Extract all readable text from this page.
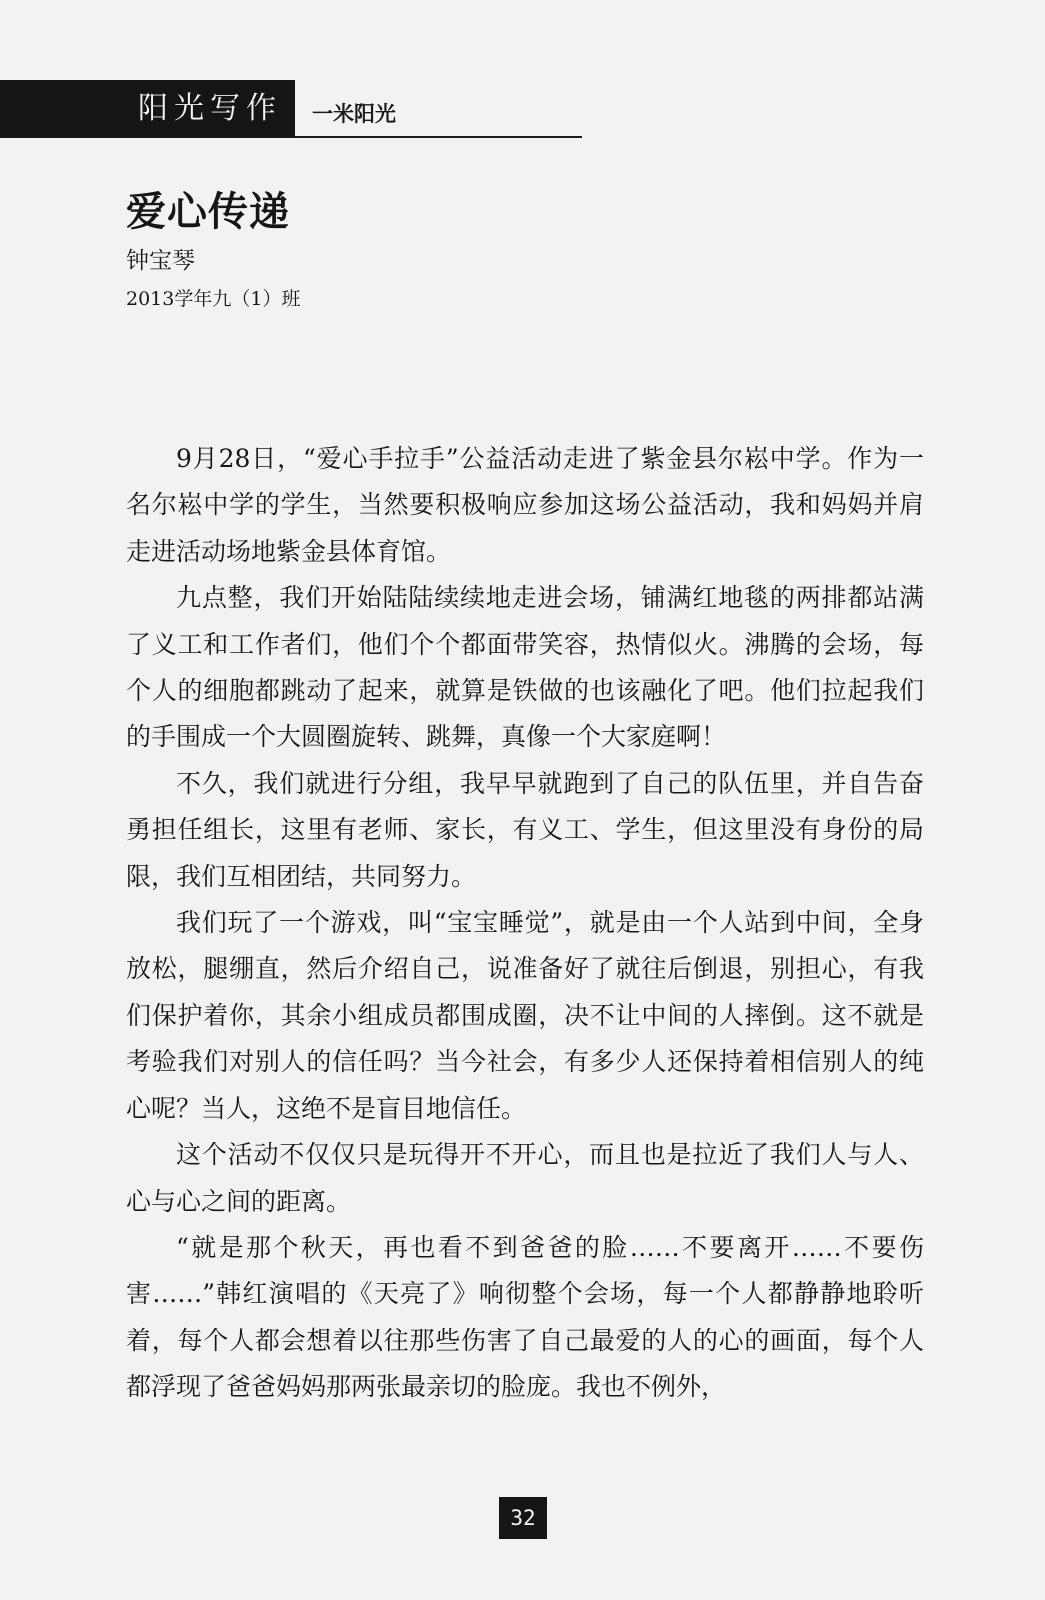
阳光写作	一米阳光
爱心传递
钟宝琴
2013学年九（1）班

9月28日，“爱心手拉手”公益活动走进了紫金县尔崧中学。作为一名尔崧中学的学生，当然要积极响应参加这场公益活动，我和妈妈并肩走进活动场地紫金县体育馆。

九点整，我们开始陆陆续续地走进会场，铺满红地毯的两排都站满了义工和工作者们，他们个个都面带笑容，热情似火。沸腾的会场，每个人的细胞都跳动了起来，就算是铁做的也该融化了吧。他们拉起我们的手围成一个大圆圈旋转、跳舞，真像一个大家庭啊！

不久，我们就进行分组，我早早就跑到了自己的队伍里，并自告奋勇担任组长，这里有老师、家长，有义工、学生，但这里没有身份的局限，我们互相团结，共同努力。

我们玩了一个游戏，叫“宝宝睡觉”，就是由一个人站到中间，全身放松，腿绷直，然后介绍自己，说准备好了就往后倒退，别担心，有我们保护着你，其余小组成员都围成圈，决不让中间的人摔倒。这不就是考验我们对别人的信任吗？当今社会，有多少人还保持着相信别人的纯心呢？当人，这绝不是盲目地信任。

这个活动不仅仅只是玩得开不开心，而且也是拉近了我们人与人、心与心之间的距离。

“就是那个秋天，再也看不到爸爸的脸……不要离开……不要伤害……”韩红演唱的《天亮了》响彻整个会场，每一个人都静静地聆听着，每个人都会想着以往那些伤害了自己最爱的人的心的画面，每个人都浮现了爸爸妈妈那两张最亲切的脸庞。我也不例外，

32
